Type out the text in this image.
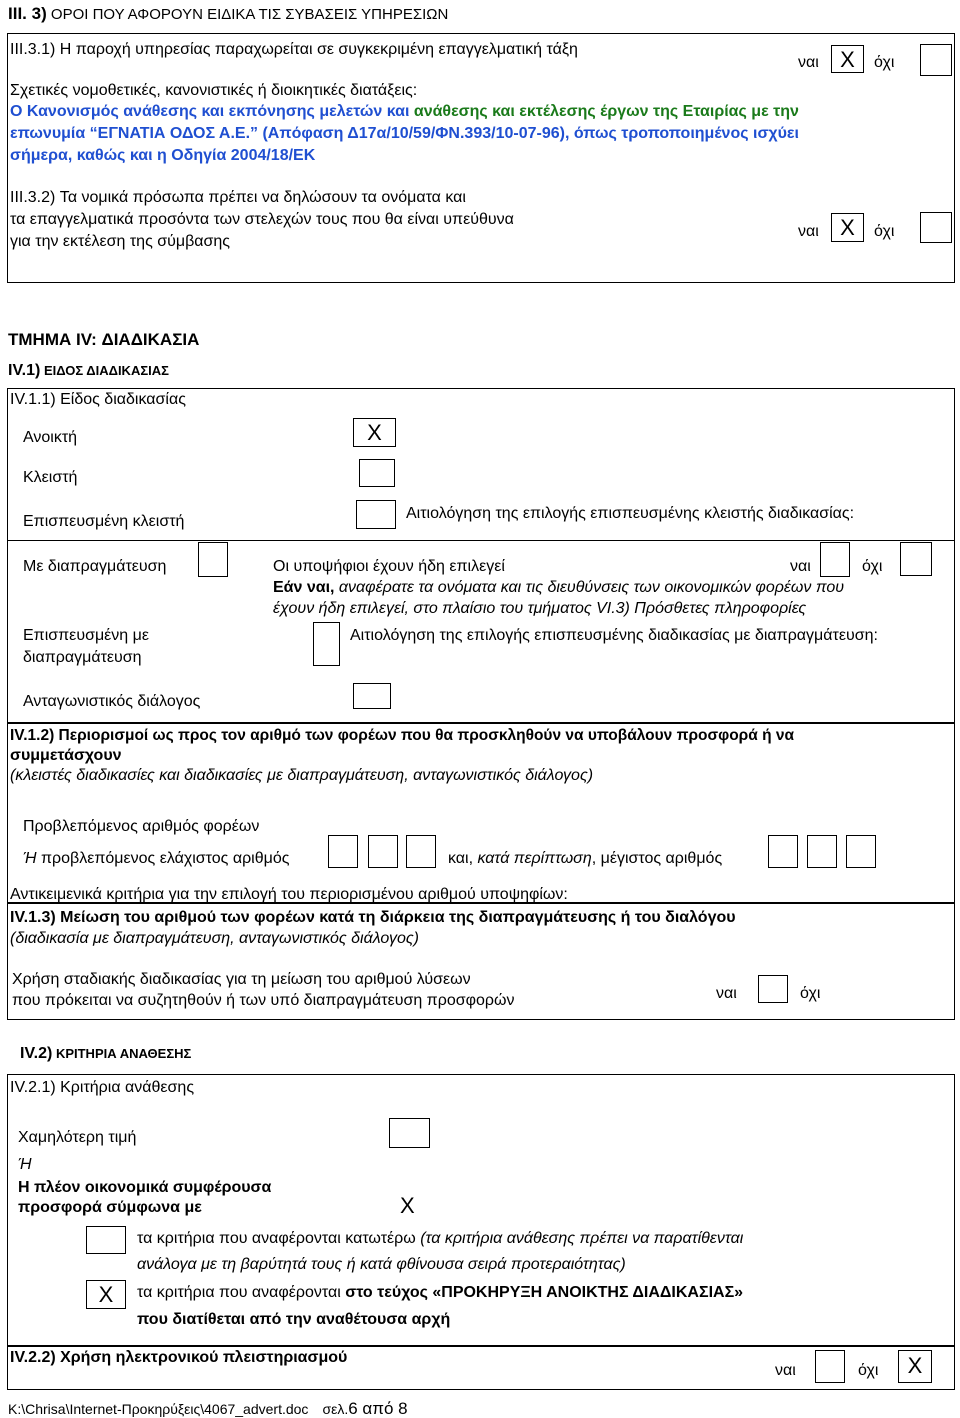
III. 3) ΟΡΟΙ ΠΟΥ ΑΦΟΡΟΥΝ ΕΙΔΙΚΑ ΤΙΣ ΣΥΒΑΣΕΙΣ ΥΠΗΡΕΣΙΩΝ
III.3.1) Η παροχή υπηρεσίας παραχωρείται σε συγκεκριμένη επαγγελματική τάξη
ναι X	όχι
Σχετικές νομοθετικές, κανονιστικές ή διοικητικές διατάξεις:
Ο Κανονισμός ανάθεσης και εκπόνησης μελετών και ανάθεσης και εκτέλεσης έργων της Εταιρίας με την
επωνυμία “ΕΓΝΑΤΙΑ ΟΔΟΣ Α.Ε.” (Απόφαση Δ17α/10/59/ΦΝ.393/10-07-96), όπως τροποποιημένος ισχύει
σήμερα, καθώς και η Οδηγία 2004/18/ΕΚ
III.3.2) Τα νομικά πρόσωπα πρέπει να δηλώσουν τα ονόματα και
τα επαγγελματικά προσόντα των στελεχών τους που θα είναι υπεύθυνα
για την εκτέλεση της σύμβασης
ναι X	όχι
ΤΜΗΜΑ IV: ΔΙΑΔΙΚΑΣΙΑ
IV.1) ΕΙΔΟΣ ΔΙΑΔΙΚΑΣΙΑΣ
IV.1.1) Είδος διαδικασίας
Ανοικτή	X
Κλειστή
Επισπευσμένη κλειστή	Αιτιολόγηση της επιλογής επισπευσμένης κλειστής διαδικασίας:
Με διαπραγμάτευση	Οι υποψήφιοι έχουν ήδη επιλεγεί	ναι	όχι
Εάν ναι, αναφέρατε τα ονόματα και τις διευθύνσεις των οικονομικών φορέων που
έχουν ήδη επιλεγεί, στο πλαίσιο του τμήματος VI.3) Πρόσθετες πληροφορίες
Επισπευσμένη με
διαπραγμάτευση
Αιτιολόγηση της επιλογής επισπευσμένης διαδικασίας με διαπραγμάτευση:
Ανταγωνιστικός διάλογος
IV.1.2) Περιορισμοί ως προς τον αριθμό των φορέων που θα προσκληθούν να υποβάλουν προσφορά ή να
συμμετάσχουν
(κλειστές διαδικασίες και διαδικασίες με διαπραγμάτευση, ανταγωνιστικός διάλογος)
Προβλεπόμενος αριθμός φορέων
Ή προβλεπόμενος ελάχιστος αριθμός	και, κατά περίπτωση, μέγιστος αριθμός
Αντικειμενικά κριτήρια για την επιλογή του περιορισμένου αριθμού υποψηφίων:
IV.1.3) Μείωση του αριθμού των φορέων κατά τη διάρκεια της διαπραγμάτευσης ή του διαλόγου
(διαδικασία με διαπραγμάτευση, ανταγωνιστικός διάλογος)
Χρήση σταδιακής διαδικασίας για τη μείωση του αριθμού λύσεων
που πρόκειται να συζητηθούν ή των υπό διαπραγμάτευση προσφορών	ναι	όχι
IV.2) ΚΡΙΤΗΡΙΑ ΑΝΑΘΕΣΗΣ
IV.2.1) Κριτήρια ανάθεσης
Χαμηλότερη τιμή
Ή
Η πλέον οικονομικά συμφέρουσα
προσφορά σύμφωνα με	X
τα κριτήρια που αναφέρονται κατωτέρω (τα κριτήρια ανάθεσης πρέπει να παρατίθενται
ανάλογα με τη βαρύτητά τους ή κατά φθίνουσα σειρά προτεραιότητας)
X	τα κριτήρια που αναφέρονται στο τεύχος «ΠΡΟΚΗΡΥΞΗ ΑΝΟΙΚΤΗΣ ΔΙΑΔΙΚΑΣΙΑΣ»
που διατίθεται από την αναθέτουσα αρχή
IV.2.2) Χρήση ηλεκτρονικού πλειστηριασμού
ναι	όχι	X
K:\Chrisa\Internet-Προκηρύξεις\4067_advert.doc σελ.6 από 8
